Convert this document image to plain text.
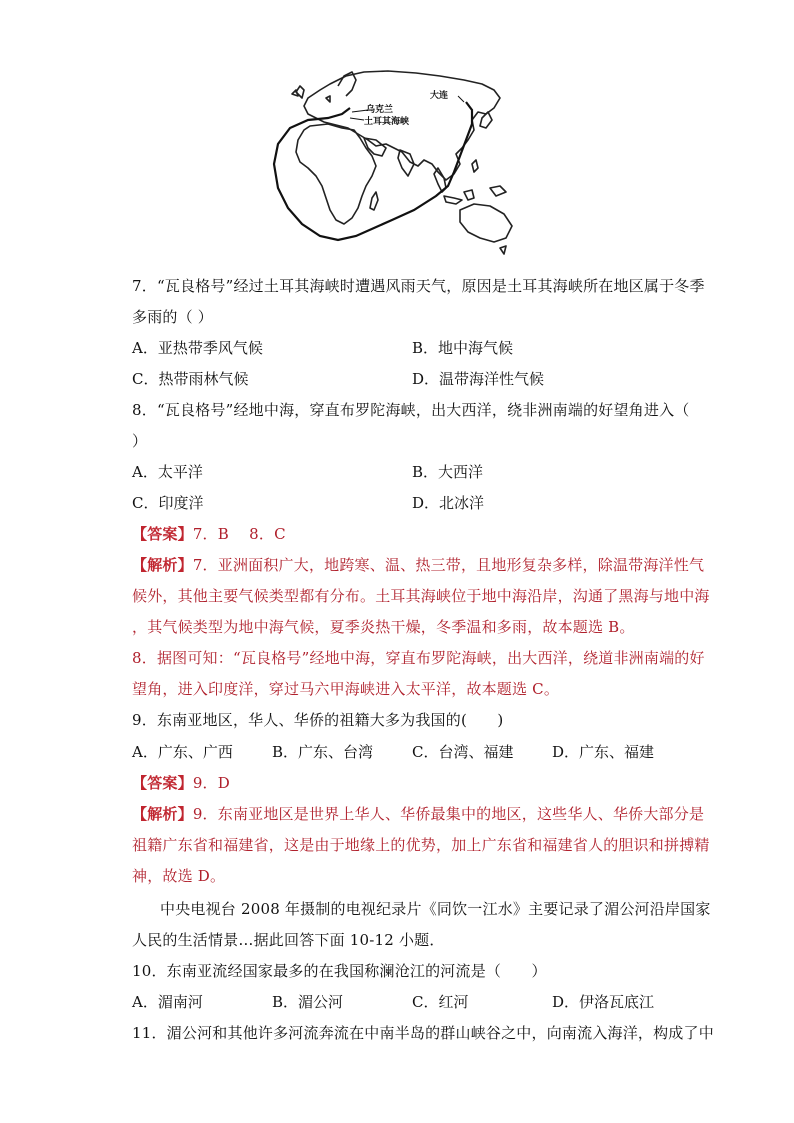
乌克兰
土耳其海峡
大连
7．“瓦良格号”经过土耳其海峡时遭遇风雨天气，原因是土耳其海峡所在地区属于冬季
多雨的（ ）
A．亚热带季风气候	B．地中海气候
C．热带雨林气候	D．温带海洋性气候
8．“瓦良格号”经地中海，穿直布罗陀海峡，出大西洋，绕非洲南端的好望角进入（
）
A．太平洋	B．大西洋
C．印度洋	D．北冰洋
【答案】7．B　 8．C
【解析】7．亚洲面积广大，地跨寒、温、热三带，且地形复杂多样，除温带海洋性气
候外，其他主要气候类型都有分布。土耳其海峡位于地中海沿岸，沟通了黑海与地中海
，其气候类型为地中海气候，夏季炎热干燥，冬季温和多雨，故本题选 B。
8．据图可知：“瓦良格号”经地中海，穿直布罗陀海峡，出大西洋，绕道非洲南端的好
望角，进入印度洋，穿过马六甲海峡进入太平洋，故本题选 C。
9．东南亚地区，华人、华侨的祖籍大多为我国的(　　)
A．广东、广西	B．广东、台湾	C．台湾、福建	D．广东、福建
【答案】9．D
【解析】9．东南亚地区是世界上华人、华侨最集中的地区，这些华人、华侨大部分是
祖籍广东省和福建省，这是由于地缘上的优势，加上广东省和福建省人的胆识和拼搏精
神，故选 D。
中央电视台 2008 年摄制的电视纪录片《同饮一江水》主要记录了湄公河沿岸国家
人民的生活情景…据此回答下面 10-12 小题．
10．东南亚流经国家最多的在我国称澜沧江的河流是（　　）
A．湄南河	B．湄公河	C．红河	D．伊洛瓦底江
11．湄公河和其他许多河流奔流在中南半岛的群山峡谷之中，向南流入海洋，构成了中
